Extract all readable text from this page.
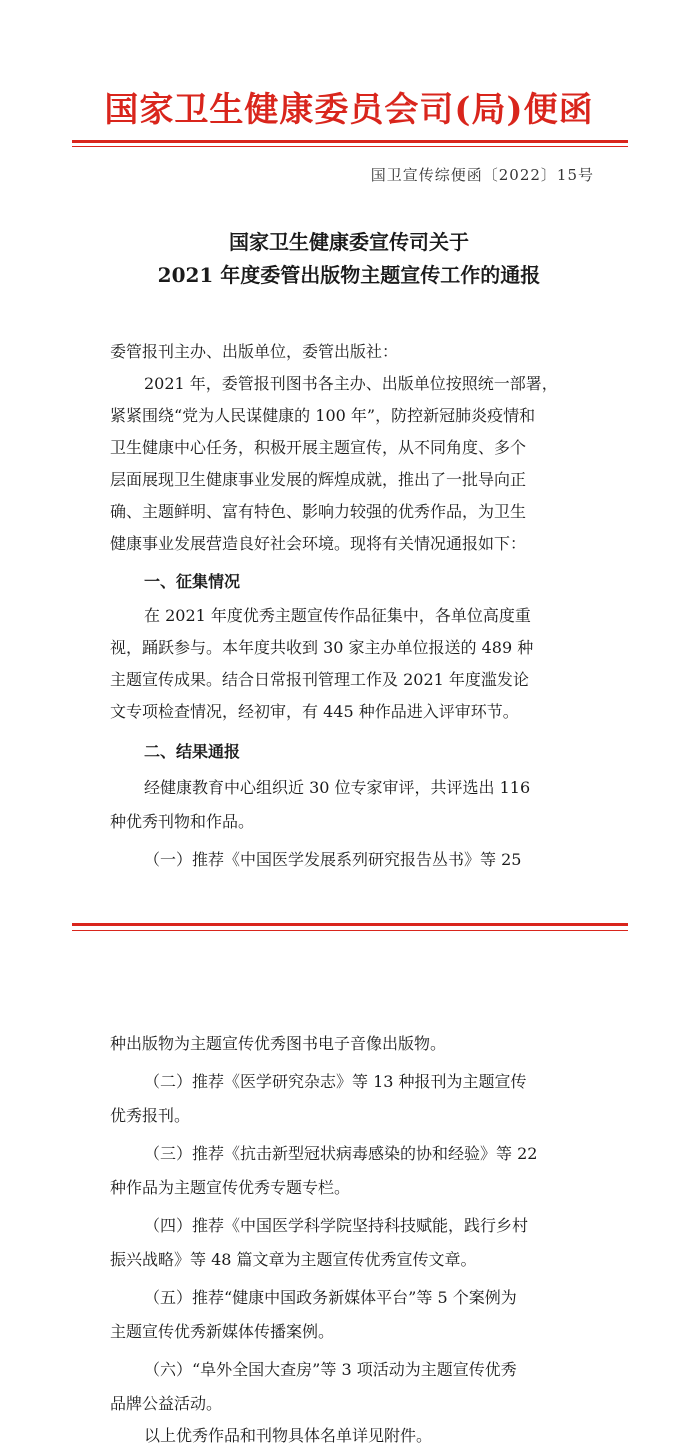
国家卫生健康委员会司(局)便函
国卫宣传综便函〔2022〕15号
国家卫生健康委宣传司关于
2021 年度委管出版物主题宣传工作的通报
委管报刊主办、出版单位，委管出版社：
2021 年，委管报刊图书各主办、出版单位按照统一部署，
紧紧围绕“党为人民谋健康的 100 年”，防控新冠肺炎疫情和
卫生健康中心任务，积极开展主题宣传，从不同角度、多个
层面展现卫生健康事业发展的辉煌成就，推出了一批导向正
确、主题鲜明、富有特色、影响力较强的优秀作品，为卫生
健康事业发展营造良好社会环境。现将有关情况通报如下：
一、征集情况
在 2021 年度优秀主题宣传作品征集中，各单位高度重
视，踊跃参与。本年度共收到 30 家主办单位报送的 489 种
主题宣传成果。结合日常报刊管理工作及 2021 年度滥发论
文专项检查情况，经初审，有 445 种作品进入评审环节。
二、结果通报
经健康教育中心组织近 30 位专家审评，共评选出 116
种优秀刊物和作品。
（一）推荐《中国医学发展系列研究报告丛书》等 25
种出版物为主题宣传优秀图书电子音像出版物。
（二）推荐《医学研究杂志》等 13 种报刊为主题宣传
优秀报刊。
（三）推荐《抗击新型冠状病毒感染的协和经验》等 22
种作品为主题宣传优秀专题专栏。
（四）推荐《中国医学科学院坚持科技赋能，践行乡村
振兴战略》等 48 篇文章为主题宣传优秀宣传文章。
（五）推荐“健康中国政务新媒体平台”等 5 个案例为
主题宣传优秀新媒体传播案例。
（六）“阜外全国大查房”等 3 项活动为主题宣传优秀
品牌公益活动。
以上优秀作品和刊物具体名单详见附件。
